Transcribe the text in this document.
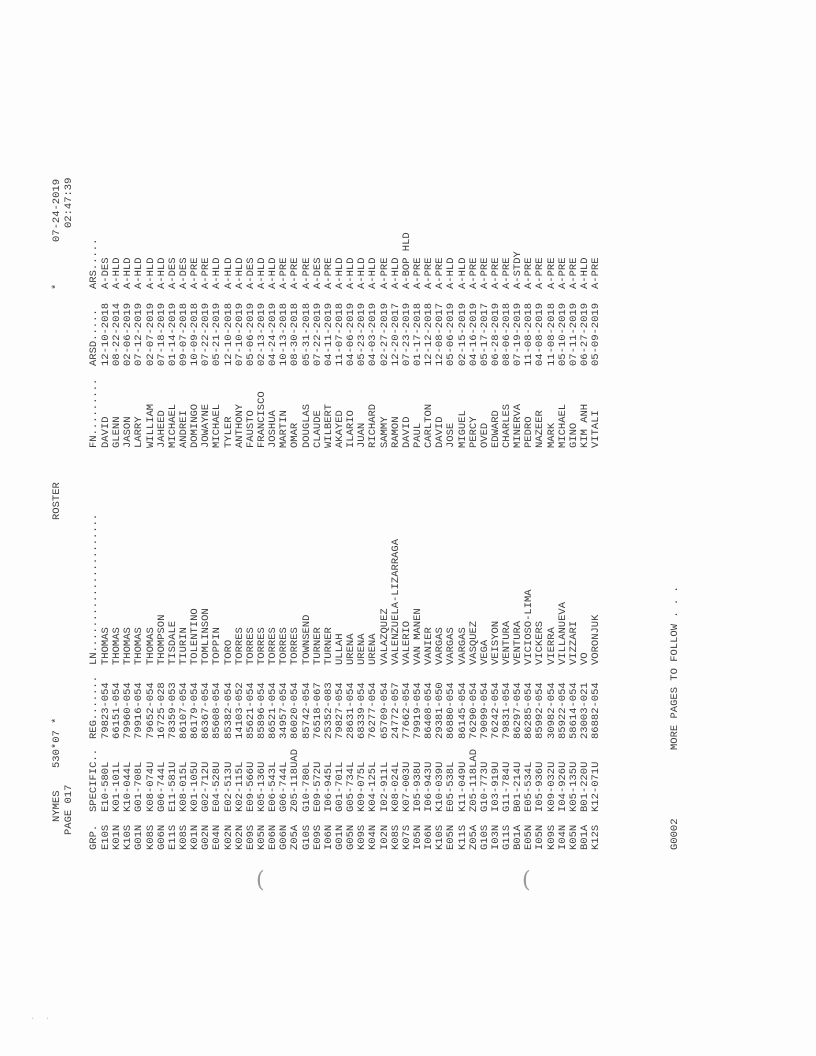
(	(
. .

NYMES

530*07 *

ROSTER

*

07-24-2019

PAGE 017

02:47:39

GRP.

SPECIFIC..

REG.......

LN......................

FN.........

ARSD.....

ARS.....

E10S
E10-580L
79823-054
THOMAS
DAVID
12-10-2018
A-DES
K01N
K01-101L
66151-054
THOMAS
GLENN
08-22-2014
A-HLD
K10S
K10-044L
79960-054
THOMAS
JASON
02-06-2019
A-HLD
G01N
G01-708L
79916-054
THOMAS
LARRY
07-12-2019
A-HLD
K08S
K08-074U
79652-054
THOMAS
WILLIAM
02-07-2019
A-HLD
G06N
G06-744L
16725-028
THOMPSON
JAHEED
07-18-2019
A-HLD
E11S
E11-581U
78359-053
TISDALE
MICHAEL
01-14-2019
A-DES
K08S
K08-015L
86107-054
TIURIN
ANDREI
09-07-2018
A-DES
K01N
K01-105U
86179-054
TOLENTINO
DOMINGO
10-09-2018
A-PRE
G02N
G02-712U
86367-054
TOMLINSON
JOWAYNE
07-22-2019
A-PRE
E04N
E04-528U
85608-054
TOPPIN
MICHAEL
05-21-2019
A-HLD
K02N
E02-513U
85382-054
TORO
TYLER
12-10-2018
A-HLD
K02N
K02-115L
14103-052
TORRES
ANTHONY
07-10-2019
A-HLD
E09S
E09-566U
85621-054
TORRES
FAUSTO
05-06-2019
A-DES
K05N
K05-136U
85896-054
TORRES
FRANCISCO
02-13-2019
A-HLD
E06N
E06-543L
86521-054
TORRES
JOSHUA
04-24-2019
A-HLD
G06N
G06-744L
34957-054
TORRES
MARTIN
10-13-2018
A-PRE
Z05A
Z05-118UAD
86020-054
TORRES
OMAR
08-30-2018
A-PRE
G10S
G10-780L
85742-054
TOWNSEND
DOUGLAS
05-31-2018
A-PRE
E09S
E09-572U
76518-067
TURNER
CLAUDE
07-22-2019
A-DES
I06N
I06-945L
25352-083
TURNER
WILBERT
04-11-2019
A-PRE
G01N
G01-701L
79827-054
ULLAH
AKAYED
11-07-2018
A-HLD
G05N
G05-734L
28631-054
URENA
ILARIO
04-06-2019
A-HLD
K09S
K09-075L
68339-054
URENA
JUAN
05-23-2019
A-HLD
K04N
K04-125L
76277-054
URENA
RICHARD
04-03-2019
A-HLD
I02N
I02-911L
65709-054
VALAZQUEZ
SAMMY
02-27-2019
A-PRE
K08S
K08-024L
24772-057
VALENZUELA-LIZARRAGA
RAMON
12-20-2017
A-HLD
K07S
K07-003U
77662-054
VALERIO
DAVID
07-23-2019
A-BOP HLD
I05N
I05-938U
79919-054
VAN MANEN
PAUL
01-17-2018
A-PRE
I06N
I06-943U
86408-054
VANIER
CARLTON
12-12-2018
A-PRE
K10S
K10-039U
29381-050
VARGAS
DAVID
12-08-2017
A-PRE
E05N
E05-538L
86880-054
VARGAS
JOSE
05-06-2019
A-HLD
K11S
K11-049U
86145-054
VARGAS
MIGUEL
02-15-2019
A-HLD
Z05A
Z05-118LAD
76290-054
VASQUEZ
PERCY
04-16-2019
A-PRE
G10S
G10-773U
79099-054
VEGA
OVED
05-17-2017
A-PRE
I03N
I03-919U
76242-054
VEISYON
EDWARD
06-28-2019
A-PRE
G11S
G11-784U
79831-054
VENTURA
CHARLES
08-06-2018
A-PRE
B01A
B01-214U
86297-054
VENTURA
MINERVA
07-19-2019
A-STDY
E05N
E05-534L
86285-054
VICIOSO-LIMA
PEDRO
11-08-2018
A-PRE
I05N
I05-936U
85992-054
VICKERS
NAZEER
04-08-2019
A-PRE
K09S
K09-032U
30982-054
VIERRA
MARK
11-08-2018
A-PRE
I04N
I04-926U
85922-054
VILLANUEVA
MICHAEL
05-10-2019
A-PRE
K05N
K05-135U
58614-054
VIZZARI
GINO
07-11-2019
A-PRE
B01A
B01-220U
23003-021
VO
KIM ANH
06-27-2019
A-HLD
K12S
K12-071U
86882-054
VORONJUK
VITALI
05-09-2019
A-PRE

G0002

MORE PAGES TO FOLLOW . . .
